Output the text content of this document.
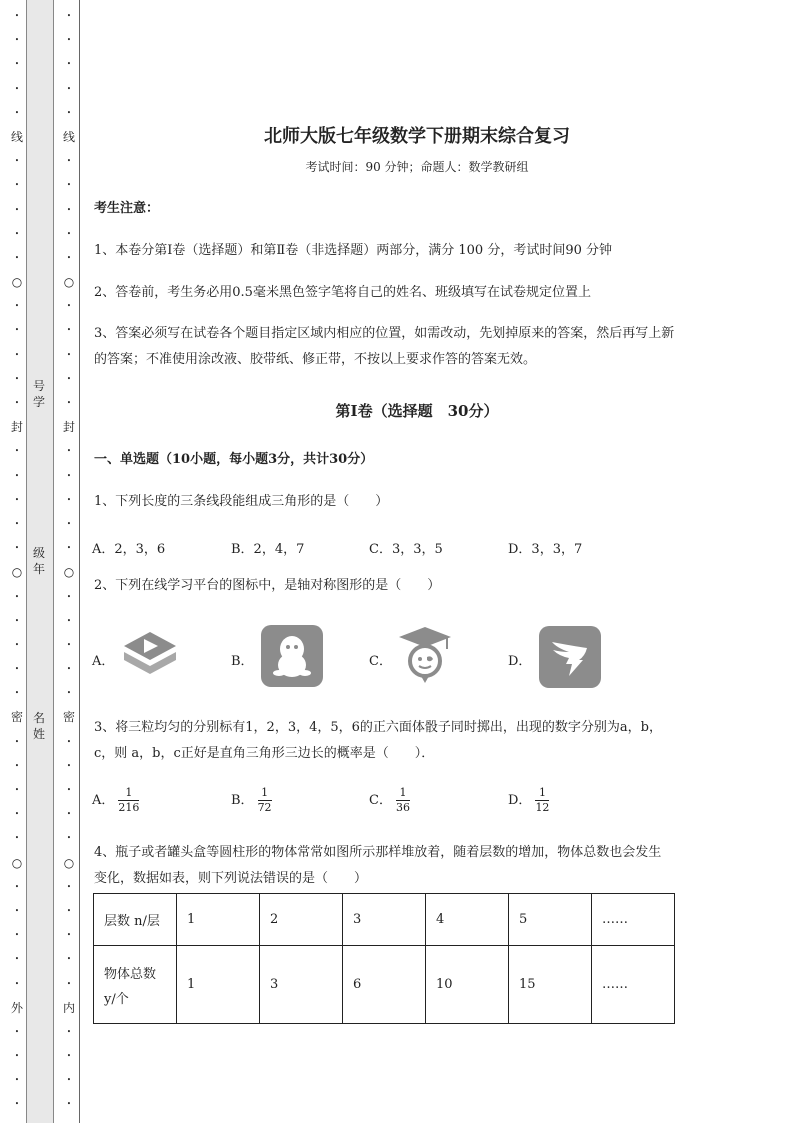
•
•
•
•
•
线
•
•
•
•
•
○
•
•
•
•
•
封
•
•
•
•
•
○
•
•
•
•
•
密
•
•
•
•
•
○
•
•
•
•
•
外
•
•
•
•
•
•
•
•
•
线
•
•
•
•
•
○
•
•
•
•
•
封
•
•
•
•
•
○
•
•
•
•
•
密
•
•
•
•
•
○
•
•
•
•
•
内
•
•
•
•
号
学
级
年
名
姓
北师大版七年级数学下册期末综合复习
考试时间：90 分钟；命题人：数学教研组
考生注意：
1、本卷分第Ⅰ卷（选择题）和第Ⅱ卷（非选择题）两部分，满分 100 分，考试时间90 分钟
2、答卷前，考生务必用0.5毫米黑色签字笔将自己的姓名、班级填写在试卷规定位置上
3、答案必须写在试卷各个题目指定区域内相应的位置，如需改动，先划掉原来的答案，然后再写上新
的答案；不准使用涂改液、胶带纸、修正带，不按以上要求作答的答案无效。
第Ⅰ卷（选择题　30分）
一、单选题（10小题，每小题3分，共计30分）
1、下列长度的三条线段能组成三角形的是（　　）
A．2，3，6	B．2，4，7	C．3，3，5	D．3，3，7
2、下列在线学习平台的图标中，是轴对称图形的是（　　）
A．	B．	C．	D．
3、将三粒均匀的分别标有1，2，3，4，5，6的正六面体骰子同时掷出，出现的数字分别为a，b，
c，则 a，b，c正好是直角三角形三边长的概率是（　　）．
A． $\frac{1}{216}$	B． $\frac{1}{72}$	C． $\frac{1}{36}$	D． $\frac{1}{12}$
4、瓶子或者罐头盒等圆柱形的物体常常如图所示那样堆放着，随着层数的增加，物体总数也会发生
变化，数据如表，则下列说法错误的是（　　）
层数 n/层	1	2	3	4	5	……

物体总数
y/个	1	3	6	10	15	……
